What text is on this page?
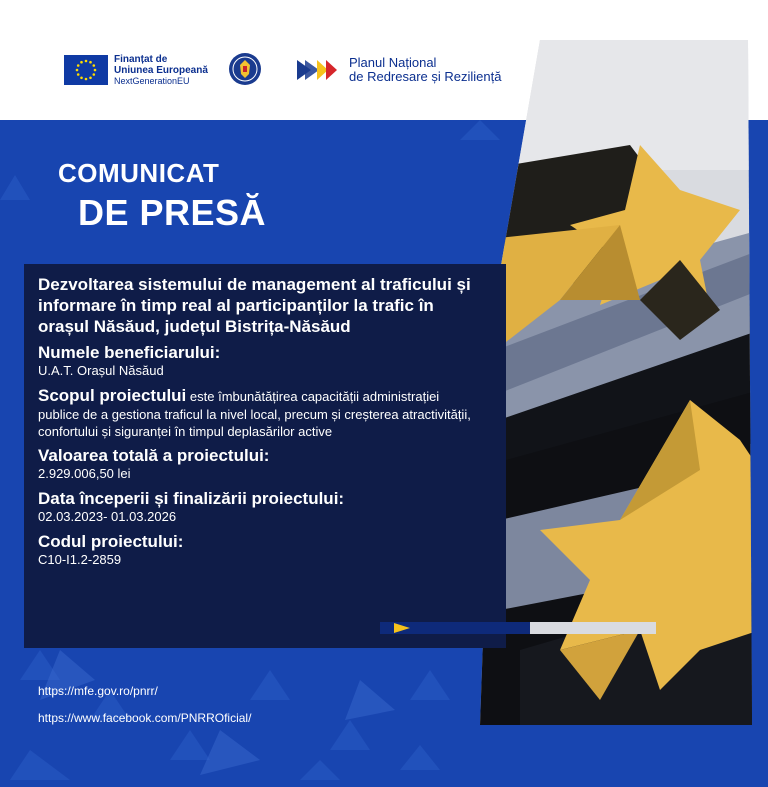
Finanțat de
Uniunea Europeană
NextGenerationEU
Planul Național
de Redresare și Reziliență
COMUNICAT
DE PRESĂ
Dezvoltarea sistemului de management al traficului și informare în timp real al participanților la trafic în orașul Năsăud, județul Bistrița-Năsăud
Numele beneficiarului:
U.A.T. Orașul Năsăud
Scopul proiectului este îmbunătățirea capacității administrației publice de a gestiona traficul la nivel local, precum și creșterea atractivității, confortului și siguranței în timpul deplasărilor active
Valoarea totală a proiectului:
2.929.006,50 lei
Data începerii și finalizării proiectului:
02.03.2023- 01.03.2026
Codul proiectului:
C10-I1.2-2859
https://mfe.gov.ro/pnrr/
https://www.facebook.com/PNRROficial/
